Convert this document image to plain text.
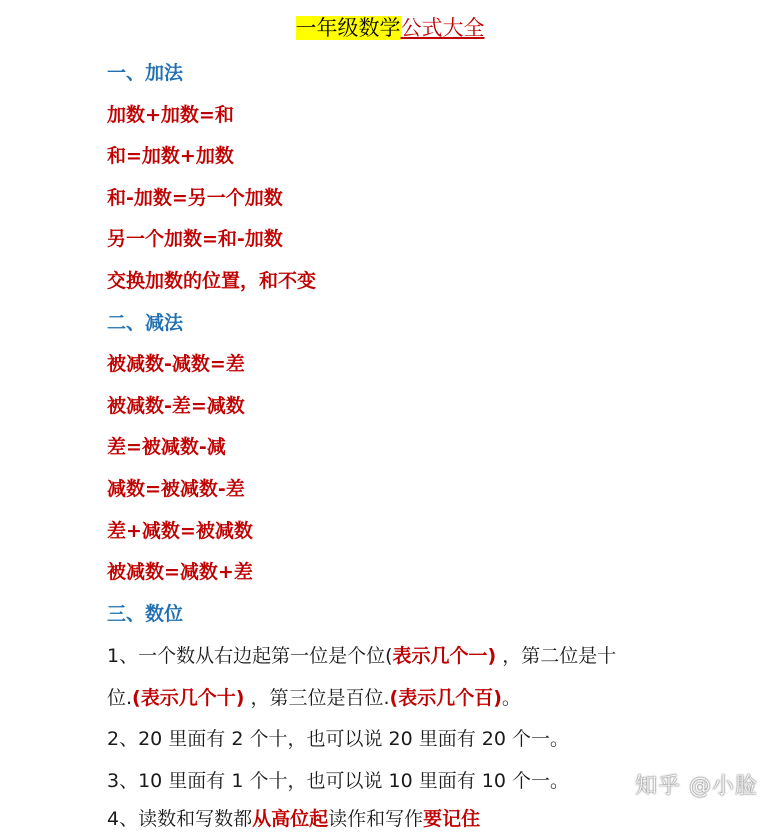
一年级数学公式大全
一、加法
加数+加数=和
和=加数+加数
和-加数=另一个加数
另一个加数=和-加数
交换加数的位置，和不变
二、减法
被减数-减数=差
被减数-差=减数
差=被减数-减
减数=被减数-差
差+减数=被减数
被减数=减数+差
三、数位
1、一个数从右边起第一位是个位(表示几个一) ，第二位是十
位.(表示几个十) ，第三位是百位.(表示几个百)。
2、20 里面有 2 个十，也可以说 20 里面有 20 个一。
3、10 里面有 1 个十，也可以说 10 里面有 10 个一。
4、读数和写数都从高位起读作和写作要记住
知乎 @小脸
